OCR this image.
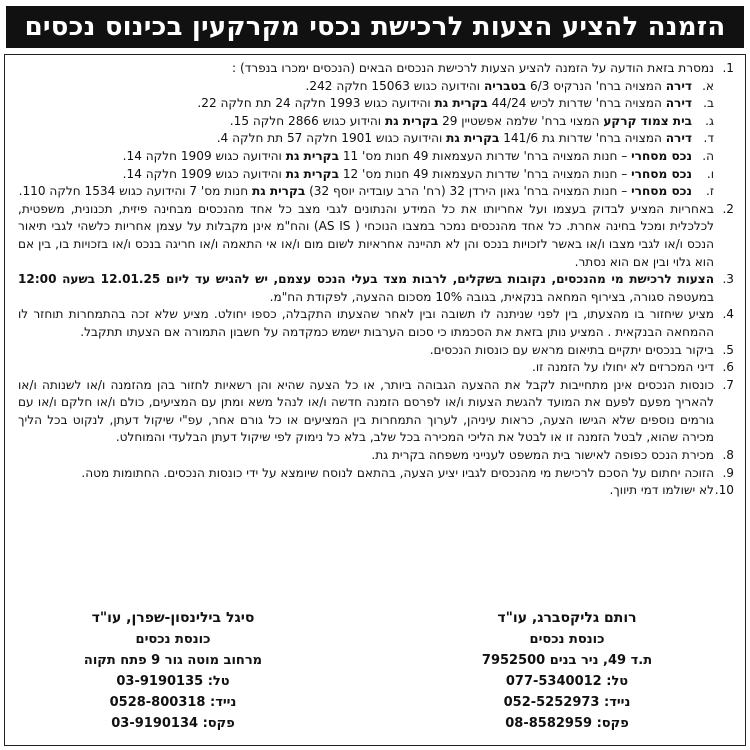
הזמנה להציע הצעות לרכישת נכסי מקרקעין בכינוס נכסים
1.
נמסרת בזאת הודעה על הזמנה להציע הצעות לרכישת הנכסים הבאים (הנכסים ימכרו בנפרד) :
א.
דירה המצויה ברח' הנרקיס 6/3 בטבריה והידועה כגוש 15063 חלקה 242.
ב.
דירה המצויה ברח' שדרות לכיש 44/24 בקרית גת והידועה כגוש 1993 חלקה 24 תת חלקה 22.
ג.
בית צמוד קרקע המצוי ברח' שלמה אפשטיין 29 בקרית גת והידוע כגוש 2866 חלקה 15.
ד.
דירה המצויה ברח' שדרות גת 141/6 בקרית גת והידועה כגוש 1901 חלקה 57 תת חלקה 4.
ה.
נכס מסחרי – חנות המצויה ברח' שדרות העצמאות 49 חנות מס' 11 בקרית גת והידועה כגוש 1909 חלקה 14.
ו.
נכס מסחרי – חנות המצויה ברח' שדרות העצמאות 49 חנות מס' 12 בקרית גת והידועה כגוש 1909 חלקה 14.
ז.
נכס מסחרי – חנות המצויה ברח' גאון הירדן 32 (רח' הרב עובדיה יוסף 32) בקרית גת חנות מס' 7 והידועה כגוש 1534 חלקה 110.
2.
באחריות המציע לבדוק בעצמו ועל אחריותו את כל המידע והנתונים לגבי מצב כל אחד מהנכסים מבחינה פיזית, תכנונית, משפטית, לכלכלית ומכל בחינה אחרת. כל אחד מהנכסים נמכר במצבו הנוכחי ( AS IS) והח"מ אינן מקבלות על עצמן אחריות כלשהי לגבי תיאור הנכס ו/או לגבי מצבו ו/או באשר לזכויות בנכס והן לא תהיינה אחראיות לשום מום ו/או אי התאמה ו/או חריגה בנכס ו/או בזכויות בו, בין אם הוא גלוי ובין אם הוא נסתר.
3.
הצעות לרכישת מי מהנכסים, נקובות בשקלים, לרבות מצד בעלי הנכס עצמם, יש להגיש עד ליום 12.01.25 בשעה 12:00 במעטפה סגורה, בצירוף המחאה בנקאית, בגובה 10% מסכום ההצעה, לפקודת הח"מ.
4.
מציע שיחזור בו מהצעתו, בין לפני שניתנה לו תשובה ובין לאחר שהצעתו התקבלה, כספו יחולט. מציע שלא זכה בהתמחרות תוחזר לו ההמחאה הבנקאית . המציע נותן בזאת את הסכמתו כי סכום הערבות ישמש כמקדמה על חשבון התמורה אם הצעתו תתקבל.
5.
ביקור בנכסים יתקיים בתיאום מראש עם כונסות הנכסים.
6.
דיני המכרזים לא יחולו על הזמנה זו.
7.
כונסות הנכסים אינן מתחייבות לקבל את ההצעה הגבוהה ביותר, או כל הצעה שהיא והן רשאיות לחזור בהן מהזמנה ו/או לשנותה ו/או להאריך מפעם לפעם את המועד להגשת הצעות ו/או לפרסם הזמנה חדשה ו/או לנהל משא ומתן עם המציעים, כולם ו/או חלקם ו/או עם גורמים נוספים שלא הגישו הצעה, כראות עיניהן, לערוך התמחרות בין המציעים או כל גורם אחר, עפ"י שיקול דעתן, לנקוט בכל הליך מכירה שהוא, לבטל הזמנה זו או לבטל את הליכי המכירה בכל שלב, בלא כל נימוק לפי שיקול דעתן הבלעדי והמוחלט.
8.
מכירת הנכס כפופה לאישור בית המשפט לענייני משפחה בקרית גת.
9.
הזוכה יחתום על הסכם לרכישת מי מהנכסים לגביו יציע הצעה, בהתאם לנוסח שיומצא על ידי כונסות הנכסים. החתומות מטה.
10.
לא ישולמו דמי תיווך.
רותם גליקסברג, עו"ד
כונסת נכסים
ת.ד 49, ניר בנים 7952500
טל: 077-5340012
נייד: 052-5252973
פקס: 08-8582959
סיגל בילינסון-שפרן, עו"ד
כונסת נכסים
מרחוב מוטה גור 9 פתח תקוה
טל: 03-9190135
נייד: 0528-800318
פקס: 03-9190134
